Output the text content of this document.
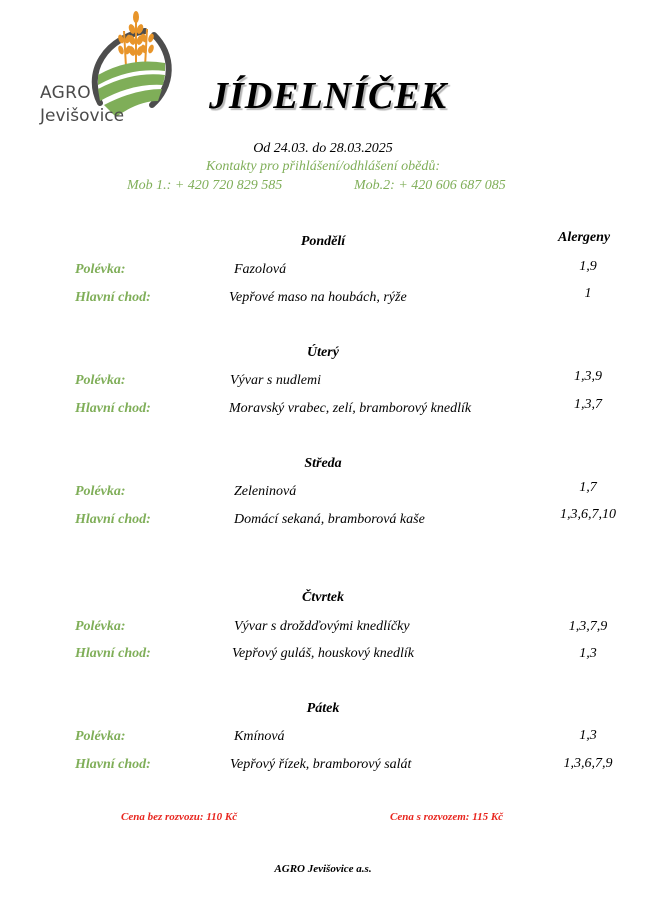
AGRO
Jevišovice JÍDELNÍČEK
Od 24.03. do 28.03.2025
Kontakty pro přihlášení/odhlášení obědů:
Mob 1.: + 420 720 829 585	Mob.2: + 420 606 687 085
Alergeny
Pondělí
Polévka:	Fazolová	1,9
Hlavní chod:	Vepřové maso na houbách, rýže	1
Úterý
Polévka:	Vývar s nudlemi	1,3,9
Hlavní chod:	Moravský vrabec, zelí, bramborový knedlík	1,3,7
Středa
Polévka:	Zeleninová	1,7
Hlavní chod:	Domácí sekaná, bramborová kaše	1,3,6,7,10
Čtvrtek
Polévka:	Vývar s droždďovými knedlíčky	1,3,7,9
Hlavní chod:	Vepřový guláš, houskový knedlík	1,3
Pátek
Polévka:	Kmínová	1,3
Hlavní chod:	Vepřový řízek, bramborový salát	1,3,6,7,9
Cena bez rozvozu: 110 Kč	Cena s rozvozem: 115 Kč
AGRO Jevišovice a.s.
